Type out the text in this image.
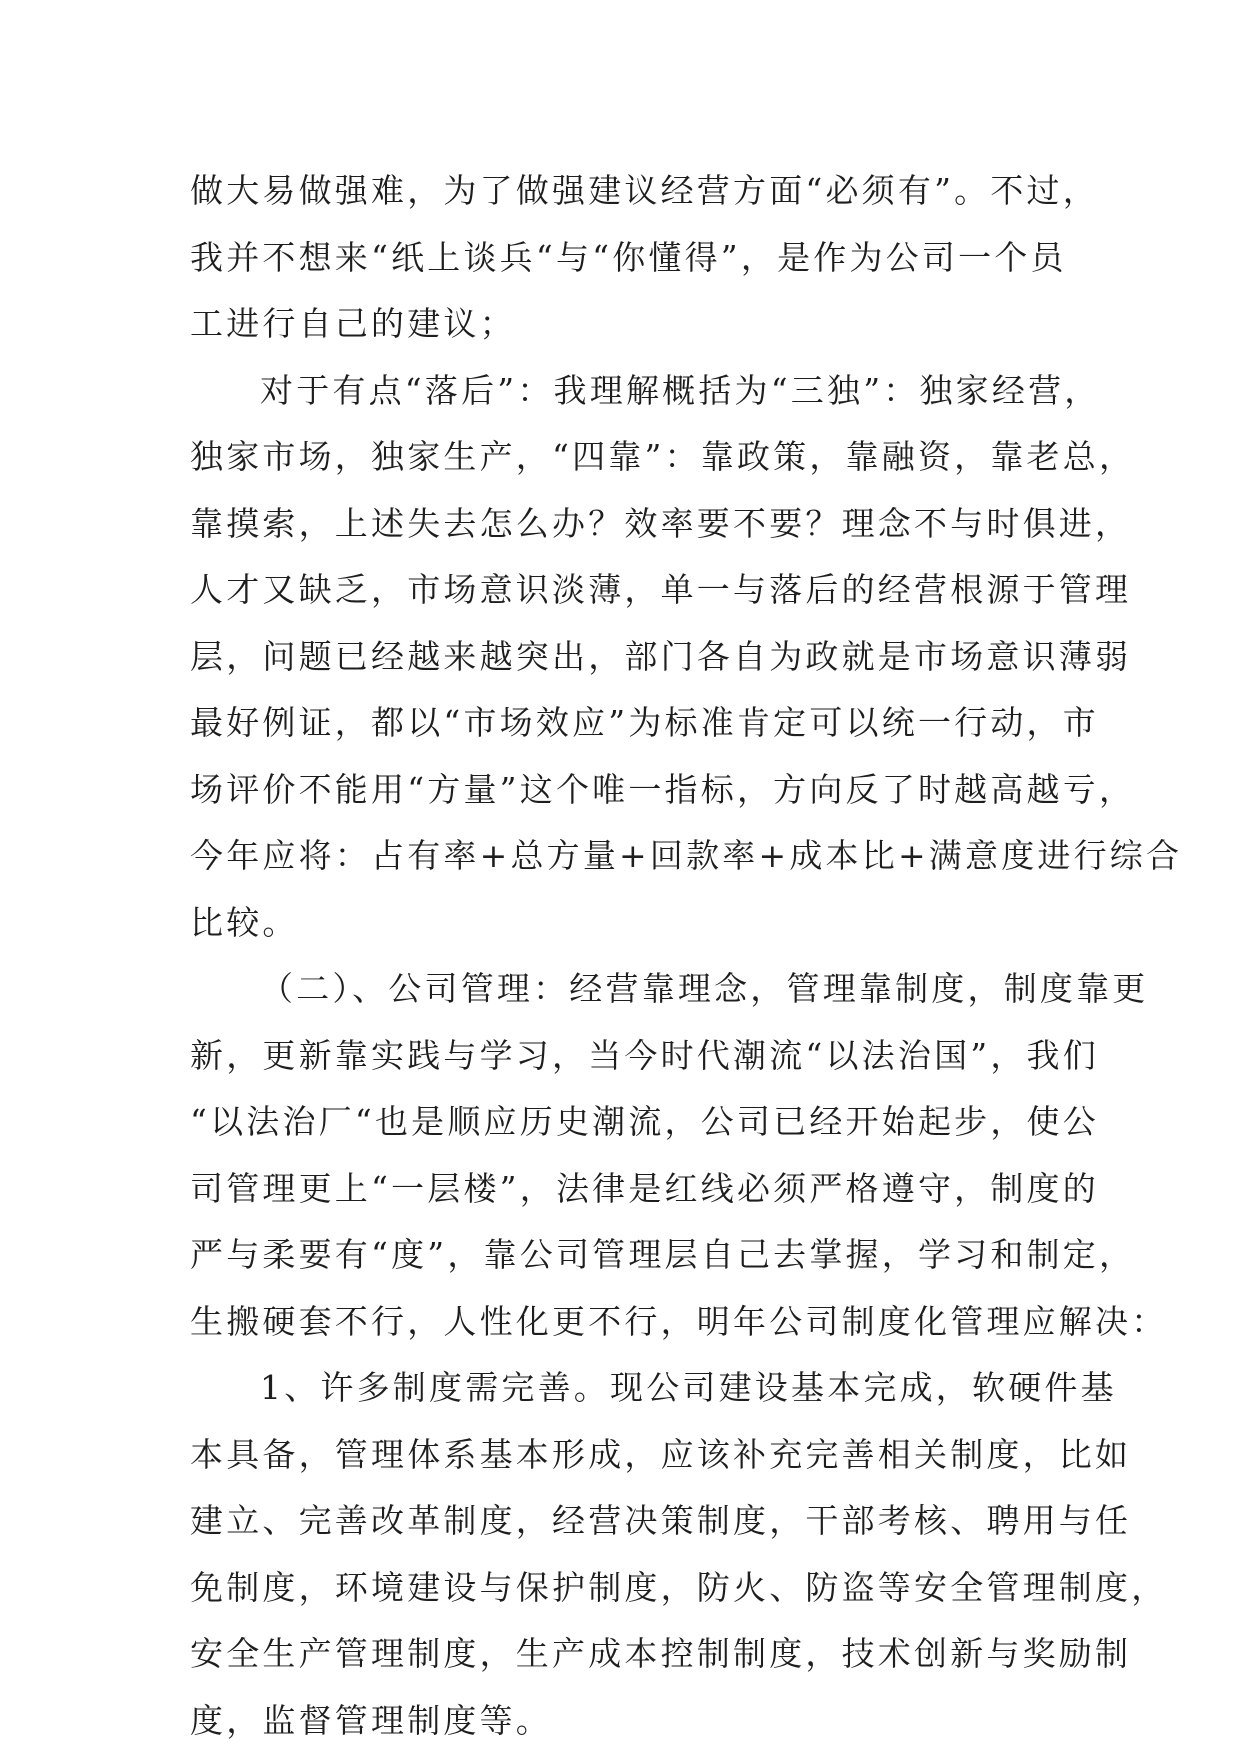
做大易做强难，为了做强建议经营方面“必须有”。不过，
我并不想来“纸上谈兵“与“你懂得”，是作为公司一个员
工进行自己的建议；
对于有点“落后”：我理解概括为“三独”：独家经营，
独家市场，独家生产，“四靠”：靠政策，靠融资，靠老总，
靠摸索，上述失去怎么办？效率要不要？理念不与时俱进，
人才又缺乏，市场意识淡薄，单一与落后的经营根源于管理
层，问题已经越来越突出，部门各自为政就是市场意识薄弱
最好例证，都以“市场效应”为标准肯定可以统一行动，市
场评价不能用“方量”这个唯一指标，方向反了时越高越亏，
今年应将：占有率+总方量+回款率+成本比+满意度进行综合
比较。
（二）、公司管理：经营靠理念，管理靠制度，制度靠更
新，更新靠实践与学习，当今时代潮流“以法治国”，我们
“以法治厂“也是顺应历史潮流，公司已经开始起步，使公
司管理更上“一层楼”，法律是红线必须严格遵守，制度的
严与柔要有“度”，靠公司管理层自己去掌握，学习和制定，
生搬硬套不行，人性化更不行，明年公司制度化管理应解决：
1、许多制度需完善。现公司建设基本完成，软硬件基
本具备，管理体系基本形成，应该补充完善相关制度，比如
建立、完善改革制度，经营决策制度，干部考核、聘用与任
免制度，环境建设与保护制度，防火、防盗等安全管理制度，
安全生产管理制度，生产成本控制制度，技术创新与奖励制
度，监督管理制度等。
